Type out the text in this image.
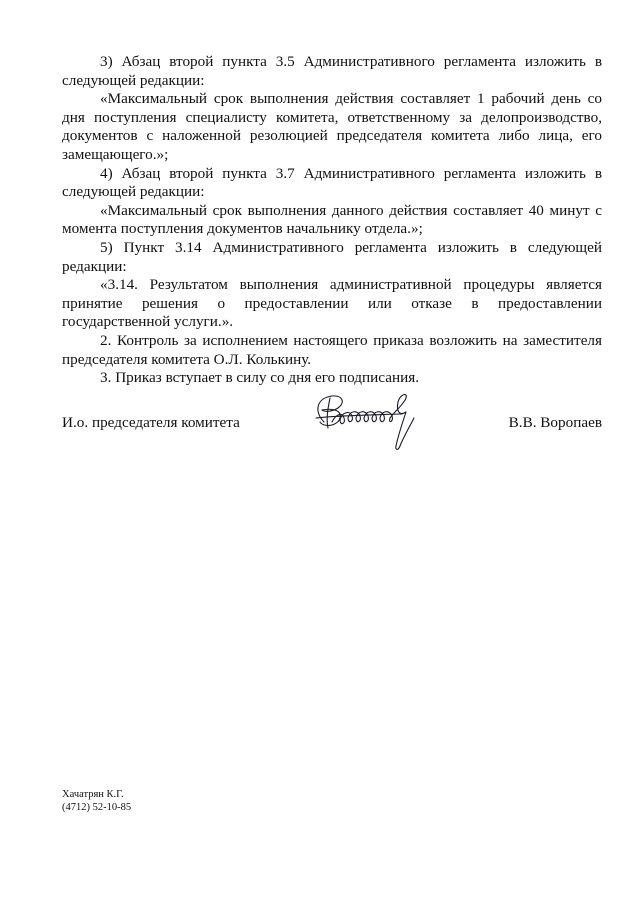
3) Абзац второй пункта 3.5 Административного регламента изложить в следующей редакции:

«Максимальный срок выполнения действия составляет 1 рабочий день со дня поступления специалисту комитета, ответственному за делопроизводство, документов с наложенной резолюцией председателя комитета либо лица, его замещающего.»;

4) Абзац второй пункта 3.7 Административного регламента изложить в следующей редакции:

«Максимальный срок выполнения данного действия составляет 40 минут с момента поступления документов начальнику отдела.»;

5) Пункт 3.14 Административного регламента изложить в следующей редакции:

«3.14. Результатом выполнения административной процедуры является принятие решения о предоставлении или отказе в предоставлении государственной услуги.».

2. Контроль за исполнением настоящего приказа возложить на заместителя председателя комитета О.Л. Колькину.

3. Приказ вступает в силу со дня его подписания.

И.о. председателя комитета	В.В. Воропаев
Хачатрян К.Г.
(4712) 52-10-85
